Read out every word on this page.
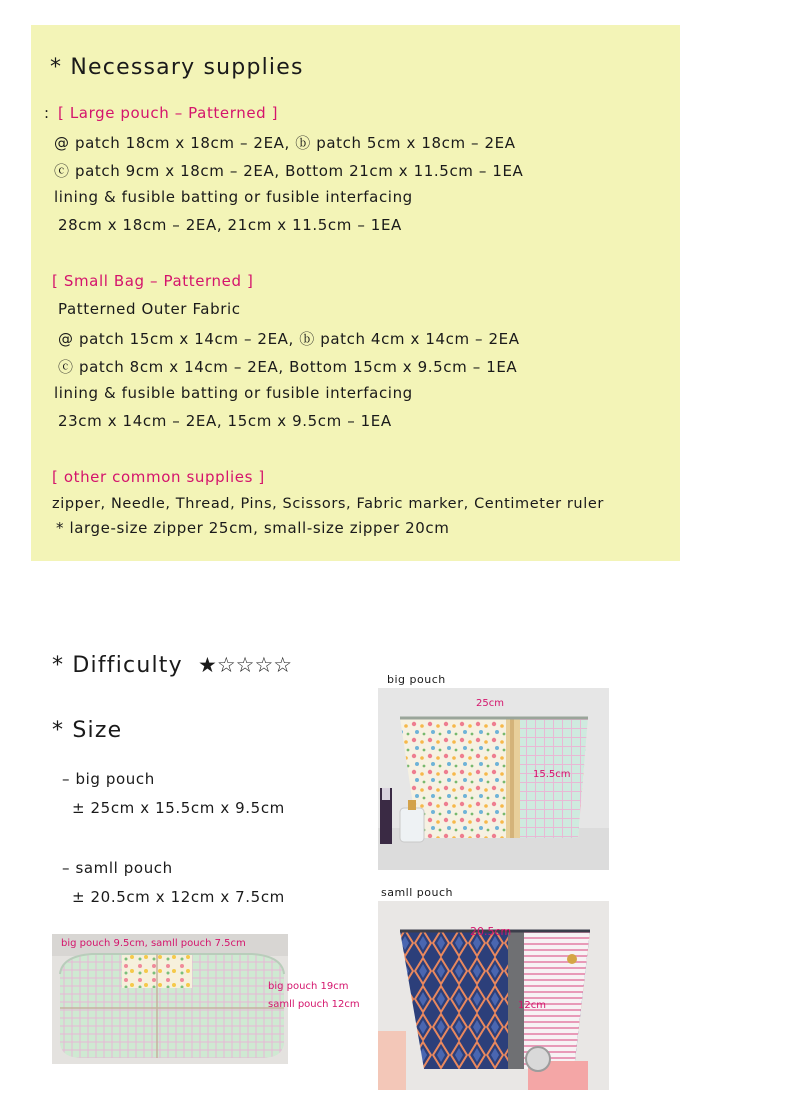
* Necessary supplies
: [ Large pouch – Patterned ]
@ patch 18cm x 18cm – 2EA, ⓑ patch 5cm x 18cm – 2EA
ⓒ patch 9cm x 18cm – 2EA, Bottom 21cm x 11.5cm – 1EA
lining & fusible batting or fusible interfacing
28cm x 18cm – 2EA, 21cm x 11.5cm – 1EA
[ Small Bag – Patterned ]
Patterned Outer Fabric
@ patch 15cm x 14cm – 2EA, ⓑ patch 4cm x 14cm – 2EA
ⓒ patch 8cm x 14cm – 2EA, Bottom 15cm x 9.5cm – 1EA
lining & fusible batting or fusible interfacing
23cm x 14cm – 2EA, 15cm x 9.5cm – 1EA
[ other common supplies ]
zipper, Needle, Thread, Pins, Scissors, Fabric marker, Centimeter ruler
* large-size zipper 25cm, small-size zipper 20cm
* Difficulty ★☆☆☆☆
* Size
– big pouch
± 25cm x 15.5cm x 9.5cm
– samll pouch
± 20.5cm x 12cm x 7.5cm
big pouch 9.5cm, samll pouch 7.5cm
big pouch 19cm
samll pouch 12cm
big pouch
25cm
15.5cm
samll pouch
20.5cm
12cm
